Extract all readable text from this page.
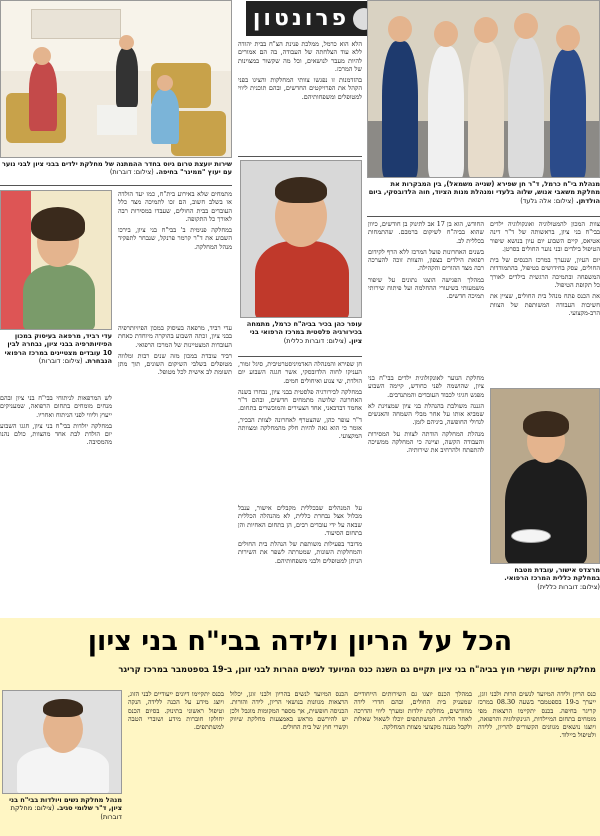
פרונטון
שירות יועצת טרום גיוס בחדר ההמתנה של מחלקת ילדים בבני ציון לבני נוער עם יעוץ "ממינר" בחיפה. (צילום: דוברות)
מנהלת בי"ח כרמל, ד"ר חן שפירא (שנייה משמאל), בין המבקרות את מחלקת משאבי אנוש, שלוה בלעדי ומנהלת מנות הציוד, חוה הלדובסקי, ביום הולדתן. (צילום: אלה גלעד)

הלא הוא כרמל, ממלכת פנינת הצ"ח בבית יהודה ללא עוד הצלחתה של העבודה, בה הם אמורים להיות מעבר לנושאים, וכל מה שקשור במצוינות של המרכז.

בהזדמנות זו נפגשו צוותי המחלקות והציגו בפני הקהל את הפרויקטים החדשים, ובהם תוכנית ליווי למטופלים ומשפחותיהם.

עופר כהן בכיר בביה"ח כרמל, מתמחה בכירורגיה פלסטית במרכז הרפואי בני ציון. (צילום: דוברות כללית)

צוות המכון להמטולוגיה ואונקולוגיה ילדים בבי"ח בני ציון, בראשותה של ד"ר דינה אטיאס, קיים השבוע יום עיון בנושא שיפור הטיפול בילדים ובני נוער החולים בסרטן.

יום העיון, שנערך במרכז הכנסים של בית החולים, עסק בחידושים בטיפול, בהתמודדות המשפחה ובתמיכה הרגשית בילדים לאורך כל תקופת הטיפול.

את הכנס פתח מנהל בית החולים, שציין את חשיבות העבודה המשותפת של הצוות הרב-מקצועי.

החודש, הוא בן 17 אב לתינוק בן חודשים, כיוון שהוא בביה"ח לשיקום ברמבם. שהתמחות בכללית לב.

בשנים האחרונות פועל המרכז ללא הרף לקידום רפואת הילדים בצפון, והצוות זוכה להערכה רבה מצד ההורים והקהילה.

במהלך הפגישה הוצגו נתונים על שיפור משמעותי בשיעורי ההחלמה ועל פיתוח שירותי תמיכה חדשים.

מחלקת הנוער לאונקולוגית ילדים בבי"ח בני ציון, שהושמה לפני כחודש, קיימה השבוע מפגש חגיגי לכבוד העובדים והמתנדבים.

הגננה משולבת בהנהלת בני ציון שמצוינת לא שמביא אותו על אחר מבלי השמחה והאנשים לגדולי החופשה, ביניהם לזמן.

מנהלת המחלקה הודתה לצוות על המסירות והעבודה הקשה, וציינה כי המחלקה ממשיכה להתפתח ולהרחיב את שירותיה.

מרצדס אישור, עובדת מטבח במחלקת כללית המרכז הרפואי. (צילום: דוברות כללית)

חן שפירא והמנהלה האדמיניסטרטיבית, סיגל זמור, העניקו לחוה הלדובסקי, אשר חגגה השבוע יום הולדת, שי צנוע ואיחולים חמים.

במחלקה לכירורגיה פלסטית בבני ציון, נבחרו בשנה האחרונה שלושה מתמחים חדשים, ובהם ד"ר אחמד דבדבאני, אחד הצעירים והמוכשרים בתחום.

ד"ר עופר כהן, שהצטרף לאחרונה לצוות הבכיר, אומר כי הוא גאה להיות חלק מהמחלקה ומצוותה המקצועי.

על המנהלים שבכללית מקבלים אישור, ענבל מכלול אצל נבחרת כללית, לא מהנהלה הכללית שבאה על ידי עובדים רבים, הן בתחום האחיות והן בתחום הסיעוד.

מדובר בפעילות משותפת של הנהלת בית החולים והמחלקות השונות, שמטרתה לשפר את השירות הניתן למטופלים ולבני משפחותיהם.

מתמחים שלא באירוע בית"ח, כמו יעד הולדה או בשלב חשוב, הם זכו לתמיכה מצד כלל העובדים בבית החולים, שעבדו במסירות רבה לאורך כל התקופה.

במחלקה פנימית ב' בבי"ח בני ציון, בירכו השבוע את ד"ר קרמר פרנקל, שנבחר לתפקיד מנהל המחלקה.

עדי רביד, מרפאה בעיסוק במכון הפיזיותרפיה בבני ציון, נבחרה לבין 10 עובדים מצטיינים במרכז הרפואי הנבחרת. (צילום: דוברות)

עדי רביד, מרפאה בעיסוק במכון הפיזיותרפיה בבני ציון, זכתה השבוע בהוקרה מיוחדת כאחת העובדות המצטיינות של המרכז הרפואי.

רביד עובדת במכון מזה שנים רבות ומלווה מטופלים בשלבי השיקום השונים, תוך מתן תשומת לב אישית לכל מטופל.

לש המרפאות לניתוחי בבי"ח בני ציון ובהם מנחים מומחים בתחום הרפואה, שמעניקים ייעוץ וליווי לפני הניתוח ואחריו.

במחלקה יולדות בבי"ח בני ציון, חגגו השבוע יום הולדת לבת אחד מהצוות, כולם נהנו מהמסיבה.

הכל על הריון ולידה בבי"ח בני ציון
מחלקת שיווק וקשרי חוץ בביה"ח בני ציון תקיים גם השנה כנס המיועד לנשים ההרות לבני זוגן, ב-19 בספטמבר במרכז קריגר
כנס הריון ולידה המיועד לנשים הרות ולבני זוגן, ייערך ב-19 בספטמבר בשעה 08.30 במרכז קריגר בחיפה. בכנס יתקיימו הרצאות מפי מומחים בתחום המיילדות, הגינקולוגיה והרפואה, ויוצגו נושאים מגוונים הקשורים להריון, ללידה ולטיפול ביילוד.
במהלך הכנס יוצגו גם השירותים הייחודיים שמעניק בית החולים, ובהם חדרי לידה מחודשים, מחלקת יולדות ומערך ליווי והדרכה לאחר הלידה. המשתתפים יוכלו לשאול שאלות ולקבל מענה מקצועי מצוות המחלקה.
הכנס המיועד לנשים בהריון ולבני זוגן, יכלול הרצאות מגוונות בנושאי הריון, לידה והורות. הכניסה חופשית, אך מספר המקומות מוגבל ולכן יש להירשם מראש באמצעות מחלקת שיווק וקשרי חוץ של בית החולים.
בכנס יתקיימו דיונים ייעודיים לבני הזוג, ויוצג מידע על הכנה ללידה, הנקה וטיפול ראשוני בתינוק. בסיום הכנס יחולקו חוברות מידע ושוברי הטבה למשתתפים.
מנהל מחלקת נשים ויולדות בבי"ח בני ציון, ד"ר שלומי סגיב. (צילום: מחלקת דוברות)
